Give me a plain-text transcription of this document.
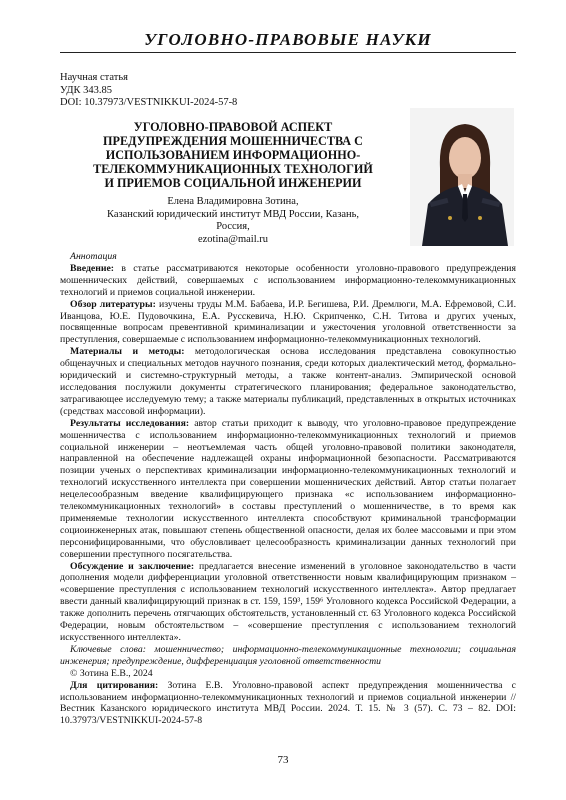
УГОЛОВНО-ПРАВОВЫЕ НАУКИ
Научная статья
УДК 343.85
DOI: 10.37973/VESTNIKKUI-2024-57-8
УГОЛОВНО-ПРАВОВОЙ АСПЕКТ ПРЕДУПРЕЖДЕНИЯ МОШЕННИЧЕСТВА С ИСПОЛЬЗОВАНИЕМ ИНФОРМАЦИОННО-ТЕЛЕКОММУНИКАЦИОННЫХ ТЕХНОЛОГИЙ И ПРИЕМОВ СОЦИАЛЬНОЙ ИНЖЕНЕРИИ
Елена Владимировна Зотина,
Казанский юридический институт МВД России, Казань, Россия,
ezotina@mail.ru

Аннотация

Введение: в статье рассматриваются некоторые особенности уголовно-правового предупреждения мошеннических действий, совершаемых с использованием информационно-телекоммуникационных технологий и приемов социальной инженерии.

Обзор литературы: изучены труды М.М. Бабаева, И.Р. Бегишева, Р.И. Дремлюги, М.А. Ефремовой, С.И. Иванцова, Ю.Е. Пудовочкина, Е.А. Русскевича, Н.Ю. Скрипченко, С.Н. Титова и других ученых, посвященные вопросам превентивной криминализации и ужесточения уголовной ответственности за преступления, совершаемые с использованием информационно-телекоммуникационных технологий.

Материалы и методы: методологическая основа исследования представлена совокупностью общенаучных и специальных методов научного познания, среди которых диалектический метод, формально-юридический и системно-структурный методы, а также контент-анализ. Эмпирической основой исследования послужили документы стратегического планирования; федеральное законодательство, затрагивающее исследуемую тему; а также материалы публикаций, представленных в открытых источниках (средствах массовой информации).

Результаты исследования: автор статьи приходит к выводу, что уголовно-правовое предупреждение мошенничества с использованием информационно-телекоммуникационных технологий и приемов социальной инженерии – неотъемлемая часть общей уголовно-правовой политики законодателя, направленной на обеспечение надлежащей охраны информационной безопасности. Рассматриваются позиции ученых о перспективах криминализации информационно-телекоммуникационных технологий и технологий искусственного интеллекта при совершении мошеннических действий. Автор статьи полагает нецелесообразным введение квалифицирующего признака «с использованием информационно-телекоммуникационных технологий» в составы преступлений о мошенничестве, в то время как применяемые технологии искусственного интеллекта способствуют криминальной трансформации социоинженерных атак, повышают степень общественной опасности, делая их более массовыми и при этом персонифицированными, что обусловливает целесообразность криминализации данных технологий при совершении преступного посягательства.

Обсуждение и заключение: предлагается внесение изменений в уголовное законодательство в части дополнения модели дифференциации уголовной ответственности новым квалифицирующим признаком – «совершение преступления с использованием технологий искусственного интеллекта». Автор предлагает ввести данный квалифицирующий признак в ст. 159, 159³, 159⁶ Уголовного кодекса Российской Федерации, а также дополнить перечень отягчающих обстоятельств, установленный ст. 63 Уголовного кодекса Российской Федерации, новым обстоятельством – «совершение преступления с использованием технологий искусственного интеллекта».

Ключевые слова: мошенничество; информационно-телекоммуникационные технологии; социальная инженерия; предупреждение, дифференциация уголовной ответственности

© Зотина Е.В., 2024

Для цитирования: Зотина Е.В. Уголовно-правовой аспект предупреждения мошенничества с использованием информационно-телекоммуникационных технологий и приемов социальной инженерии // Вестник Казанского юридического института МВД России. 2024. Т. 15. № 3 (57). С. 73 – 82. DOI: 10.37973/VESTNIKKUI-2024-57-8

73
